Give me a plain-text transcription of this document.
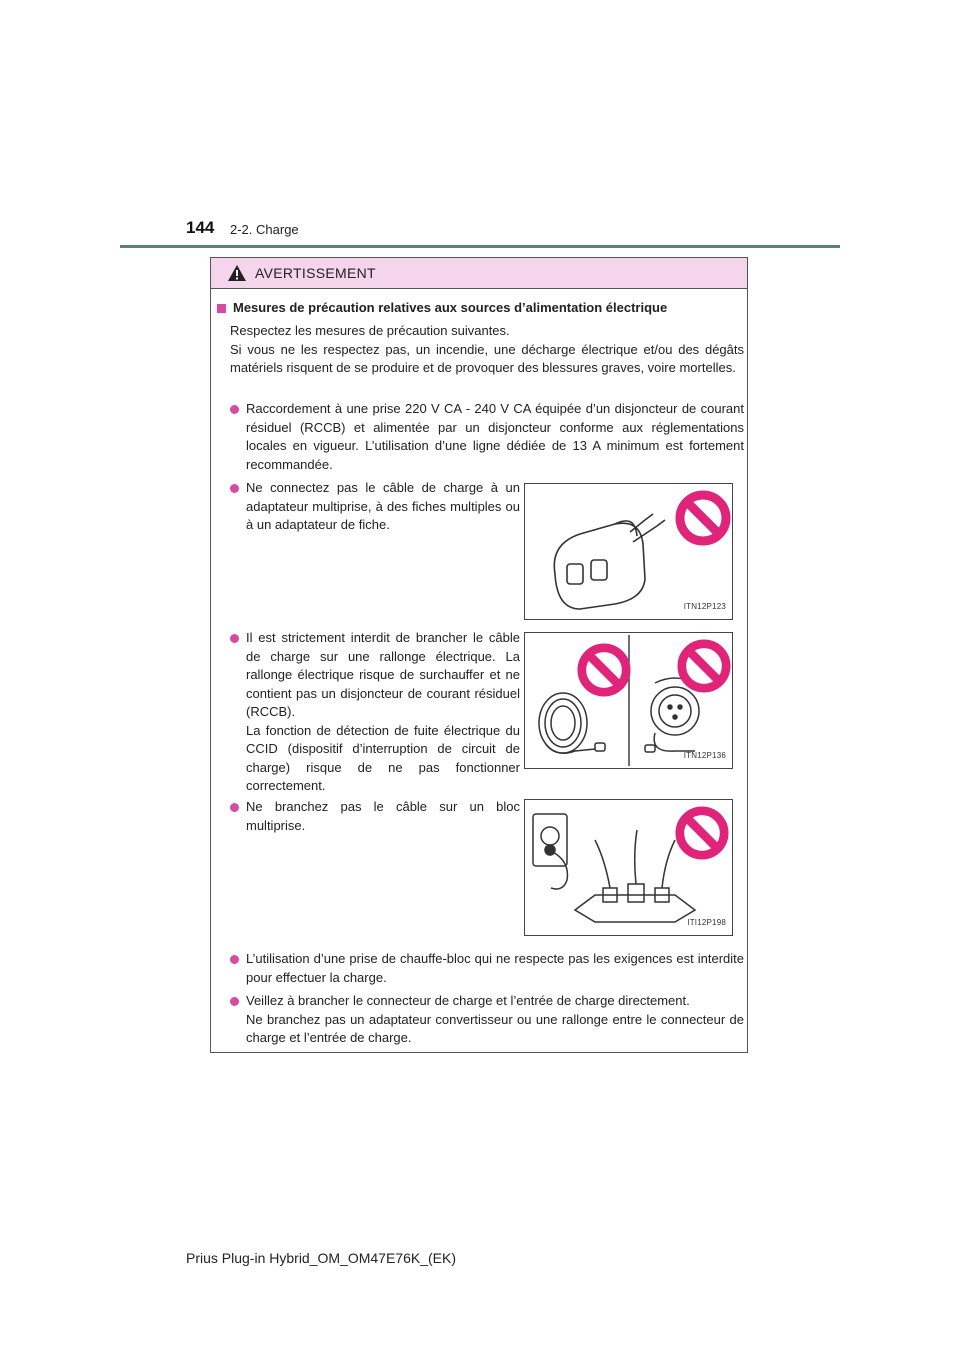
144 2-2. Charge
AVERTISSEMENT
Mesures de précaution relatives aux sources d’alimentation électrique

Respectez les mesures de précaution suivantes.

Si vous ne les respectez pas, un incendie, une décharge électrique et/ou des dégâts matériels risquent de se produire et de provoquer des blessures graves, voire mortelles.

Raccordement à une prise 220 V CA - 240 V CA équipée d’un disjoncteur de courant résiduel (RCCB) et alimentée par un disjoncteur conforme aux réglementations locales en vigueur. L’utilisation d’une ligne dédiée de 13 A minimum est fortement recommandée.

Ne connectez pas le câble de charge à un adaptateur multiprise, à des fiches multiples ou à un adaptateur de fiche.

Il est strictement interdit de brancher le câble de charge sur une rallonge électrique. La rallonge électrique risque de surchauffer et ne contient pas un disjoncteur de courant résiduel (RCCB).

La fonction de détection de fuite électrique du CCID (dispositif d’interruption de circuit de charge) risque de ne pas fonctionner correctement.

Ne branchez pas le câble sur un bloc multiprise.

L’utilisation d’une prise de chauffe-bloc qui ne respecte pas les exigences est interdite pour effectuer la charge.

Veillez à brancher le connecteur de charge et l’entrée de charge directement.

Ne branchez pas un adaptateur convertisseur ou une rallonge entre le connecteur de charge et l’entrée de charge.

ITN12P123
ITN12P136
ITI12P198
Prius Plug-in Hybrid_OM_OM47E76K_(EK)
